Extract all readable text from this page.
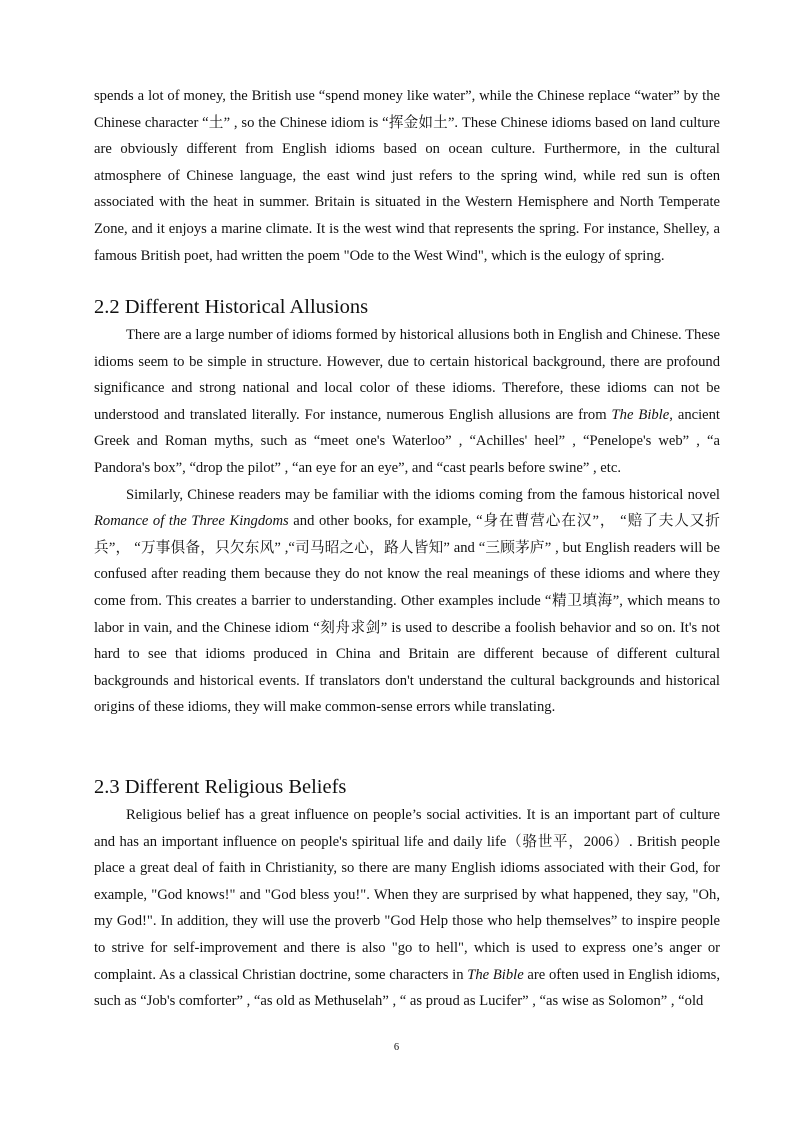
spends a lot of money, the British use “spend money like water”, while the Chinese replace “water” by the Chinese character “土” , so the Chinese idiom is “挥金如土”. These Chinese idioms based on land culture are obviously different from English idioms based on ocean culture. Furthermore, in the cultural atmosphere of Chinese language, the east wind just refers to the spring wind, while red sun is often associated with the heat in summer. Britain is situated in the Western Hemisphere and North Temperate Zone, and it enjoys a marine climate. It is the west wind that represents the spring. For instance, Shelley, a famous British poet, had written the poem "Ode to the West Wind", which is the eulogy of spring.

2.2 Different Historical Allusions

There are a large number of idioms formed by historical allusions both in English and Chinese. These idioms seem to be simple in structure. However, due to certain historical background, there are profound significance and strong national and local color of these idioms. Therefore, these idioms can not be understood and translated literally. For instance, numerous English allusions are from The Bible, ancient Greek and Roman myths, such as “meet one's Waterloo” , “Achilles' heel” , “Penelope's web” , “a Pandora's box”, “drop the pilot” , “an eye for an eye”, and “cast pearls before swine” , etc.

Similarly, Chinese readers may be familiar with the idioms coming from the famous historical novel Romance of the Three Kingdoms and other books, for example, “身在曹营心在汉”， “赔了夫人又折兵”， “万事俱备，只欠东风” ,“司马昭之心，路人皆知” and “三顾茅庐” , but English readers will be confused after reading them because they do not know the real meanings of these idioms and where they come from. This creates a barrier to understanding. Other examples include “精卫填海”, which means to labor in vain, and the Chinese idiom “刻舟求剑” is used to describe a foolish behavior and so on. It's not hard to see that idioms produced in China and Britain are different because of different cultural backgrounds and historical events. If translators don't understand the cultural backgrounds and historical origins of these idioms, they will make common-sense errors while translating.

2.3 Different Religious Beliefs

Religious belief has a great influence on people’s social activities. It is an important part of culture and has an important influence on people's spiritual life and daily life（骆世平，2006）. British people place a great deal of faith in Christianity, so there are many English idioms associated with their God, for example, "God knows!" and "God bless you!". When they are surprised by what happened, they say, "Oh, my God!". In addition, they will use the proverb "God Help those who help themselves” to inspire people to strive for self-improvement and there is also "go to hell", which is used to express one’s anger or complaint. As a classical Christian doctrine, some characters in The Bible are often used in English idioms, such as “Job's comforter” , “as old as Methuselah” , “ as proud as Lucifer” , “as wise as Solomon” , “old

6
